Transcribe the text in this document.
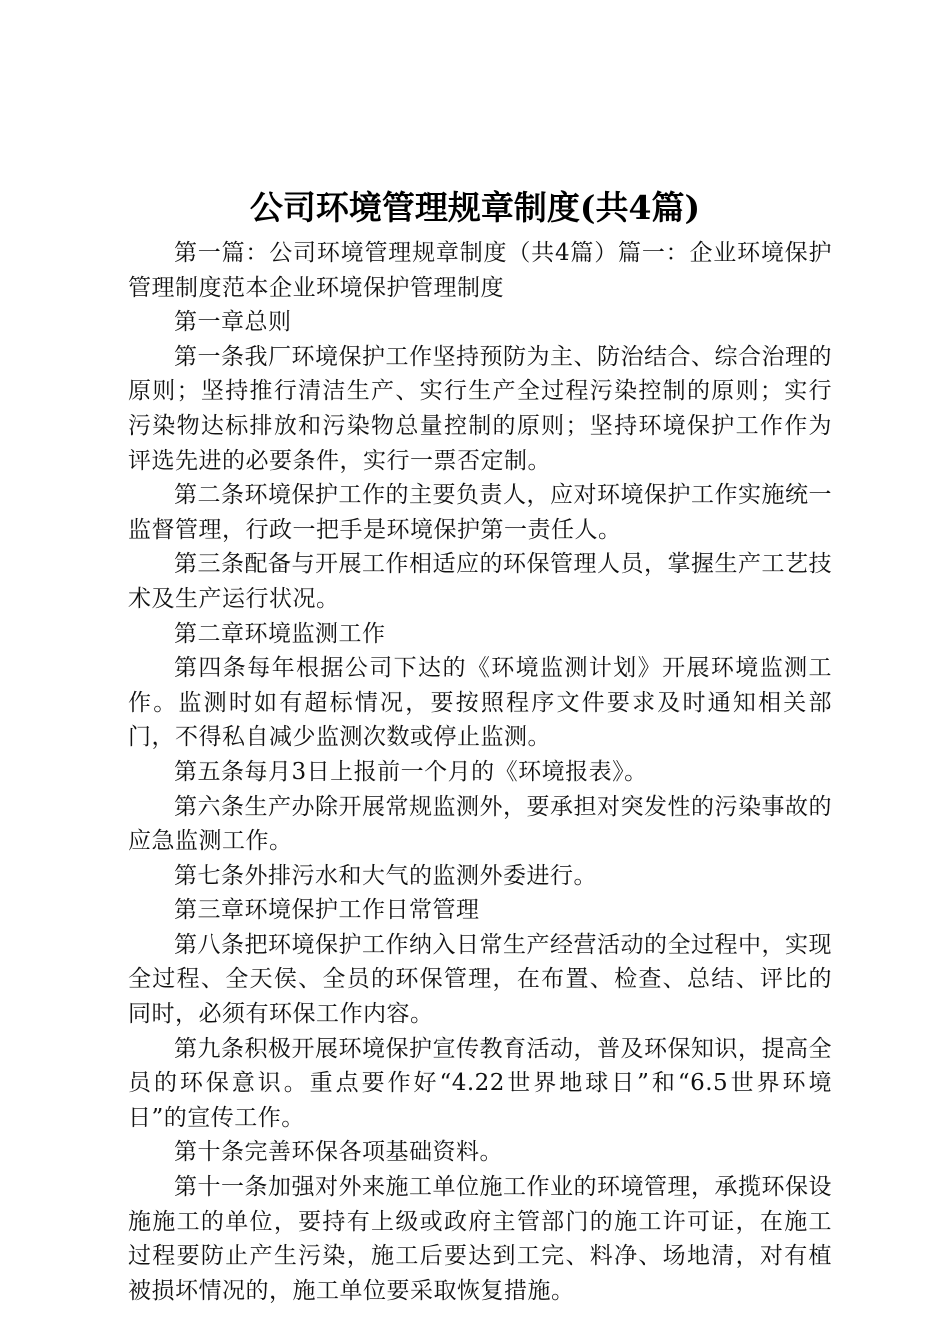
公司环境管理规章制度(共4篇)

第一篇：公司环境管理规章制度（共4篇）篇一：企业环境保护管理制度范本企业环境保护管理制度

第一章总则

第一条我厂环境保护工作坚持预防为主、防治结合、综合治理的原则；坚持推行清洁生产、实行生产全过程污染控制的原则；实行污染物达标排放和污染物总量控制的原则；坚持环境保护工作作为评选先进的必要条件，实行一票否定制。

第二条环境保护工作的主要负责人，应对环境保护工作实施统一监督管理，行政一把手是环境保护第一责任人。

第三条配备与开展工作相适应的环保管理人员，掌握生产工艺技术及生产运行状况。

第二章环境监测工作

第四条每年根据公司下达的《环境监测计划》开展环境监测工作。监测时如有超标情况，要按照程序文件要求及时通知相关部门，不得私自减少监测次数或停止监测。

第五条每月3日上报前一个月的《环境报表》。

第六条生产办除开展常规监测外，要承担对突发性的污染事故的应急监测工作。

第七条外排污水和大气的监测外委进行。

第三章环境保护工作日常管理

第八条把环境保护工作纳入日常生产经营活动的全过程中，实现全过程、全天侯、全员的环保管理，在布置、检查、总结、评比的同时，必须有环保工作内容。

第九条积极开展环境保护宣传教育活动，普及环保知识，提高全员的环保意识。重点要作好“4.22世界地球日”和“6.5世界环境日”的宣传工作。

第十条完善环保各项基础资料。

第十一条加强对外来施工单位施工作业的环境管理，承揽环保设施施工的单位，要持有上级或政府主管部门的施工许可证，在施工过程要防止产生污染，施工后要达到工完、料净、场地清，对有植被损坏情况的，施工单位要采取恢复措施。
